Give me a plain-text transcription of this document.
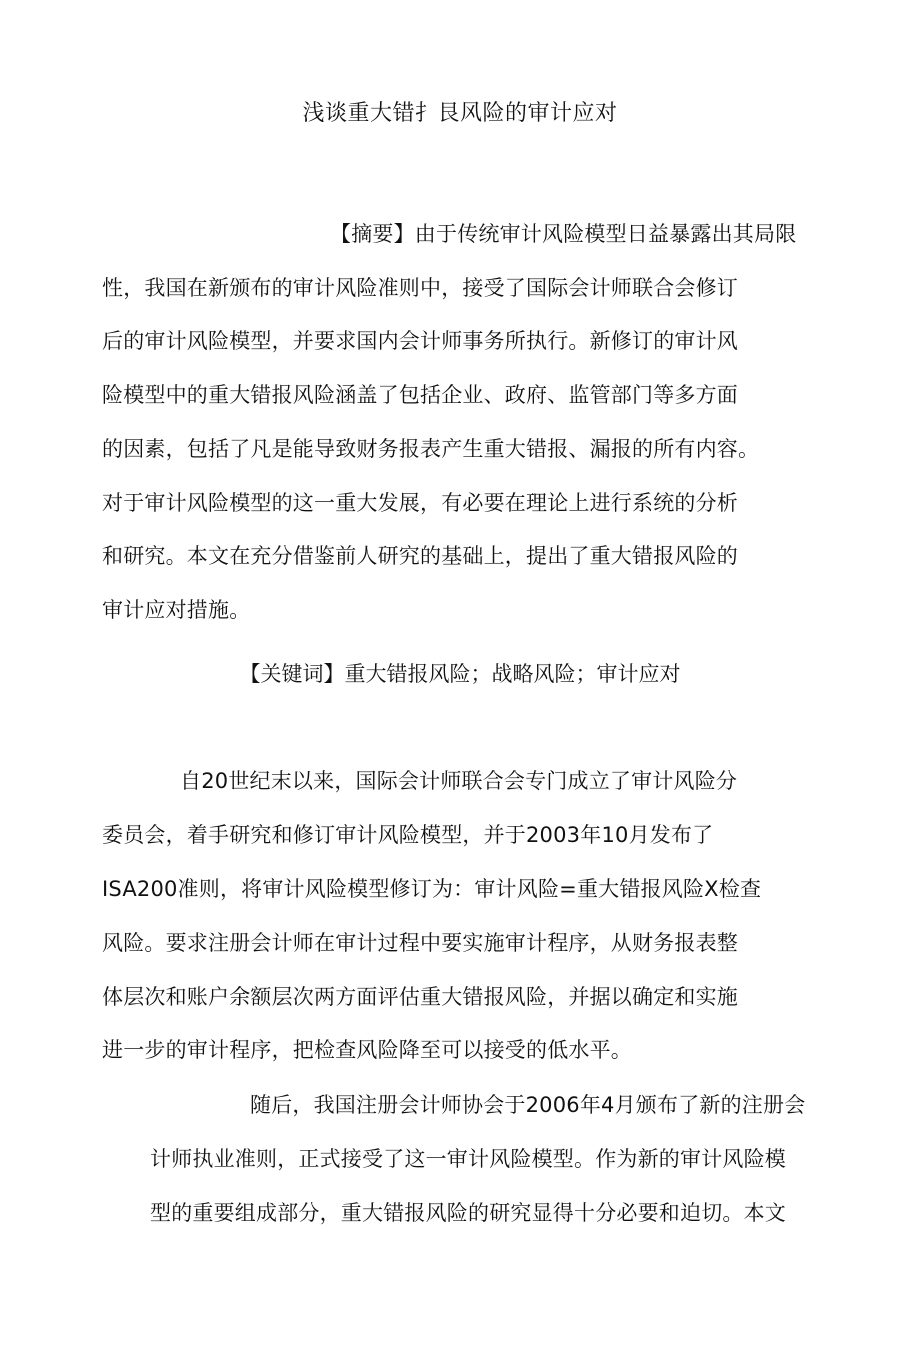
浅谈重大错扌艮风险的审计应对
【摘要】由于传统审计风险模型日益暴露出其局限
性，我国在新颁布的审计风险准则中，接受了国际会计师联合会修订
后的审计风险模型，并要求国内会计师事务所执行。新修订的审计风
险模型中的重大错报风险涵盖了包括企业、政府、监管部门等多方面
的因素，包括了凡是能导致财务报表产生重大错报、漏报的所有内容。
对于审计风险模型的这一重大发展，有必要在理论上进行系统的分析
和研究。本文在充分借鉴前人研究的基础上，提出了重大错报风险的
审计应对措施。
【关键词】重大错报风险；战略风险；审计应对
自20世纪末以来，国际会计师联合会专门成立了审计风险分
委员会，着手研究和修订审计风险模型，并于2003年10月发布了
ISA200准则，将审计风险模型修订为：审计风险=重大错报风险X检查
风险。要求注册会计师在审计过程中要实施审计程序，从财务报表整
体层次和账户余额层次两方面评估重大错报风险，并据以确定和实施
进一步的审计程序，把检查风险降至可以接受的低水平。
随后，我国注册会计师协会于2006年4月颁布了新的注册会
计师执业准则，正式接受了这一审计风险模型。作为新的审计风险模
型的重要组成部分，重大错报风险的研究显得十分必要和迫切。本文
